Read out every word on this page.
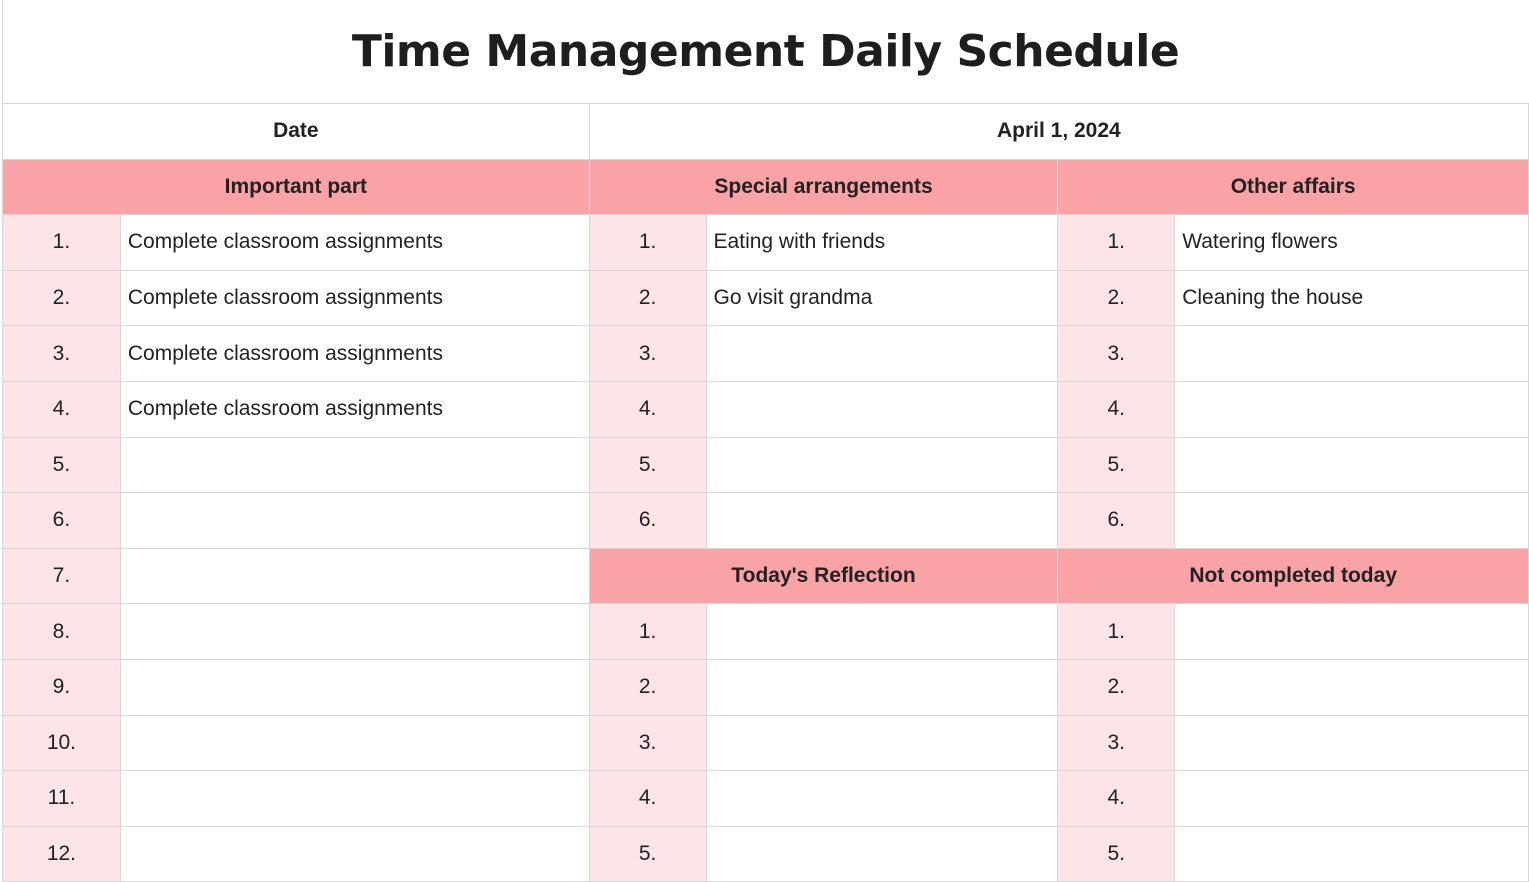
Time Management Daily Schedule
Date		April 1, 2024			
Important part		Special arrangements		Other affairs	
1.	Complete classroom assignments	1.	Eating with friends	1.	Watering flowers
2.	Complete classroom assignments	2.	Go visit grandma	2.	Cleaning the house
3.	Complete classroom assignments	3.		3.	
4.	Complete classroom assignments	4.		4.	
5.		5.		5.	
6.		6.		6.	
7.		Today's Reflection		Not completed today	
8.		1.		1.	
9.		2.		2.	
10.		3.		3.	
11.		4.		4.	
12.		5.		5.	
